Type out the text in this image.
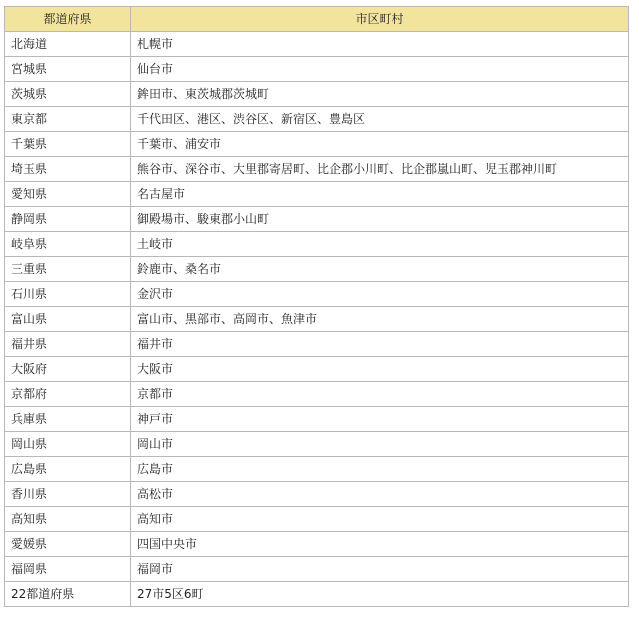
都道府県	市区町村
北海道	札幌市
宮城県	仙台市
茨城県	鉾田市、東茨城郡茨城町
東京都	千代田区、港区、渋谷区、新宿区、豊島区
千葉県	千葉市、浦安市
埼玉県	熊谷市、深谷市、大里郡寄居町、比企郡小川町、比企郡嵐山町、児玉郡神川町
愛知県	名古屋市
静岡県	御殿場市、駿東郡小山町
岐阜県	土岐市
三重県	鈴鹿市、桑名市
石川県	金沢市
富山県	富山市、黒部市、高岡市、魚津市
福井県	福井市
大阪府	大阪市
京都府	京都市
兵庫県	神戸市
岡山県	岡山市
広島県	広島市
香川県	高松市
高知県	高知市
愛媛県	四国中央市
福岡県	福岡市
22都道府県	27市5区6町
